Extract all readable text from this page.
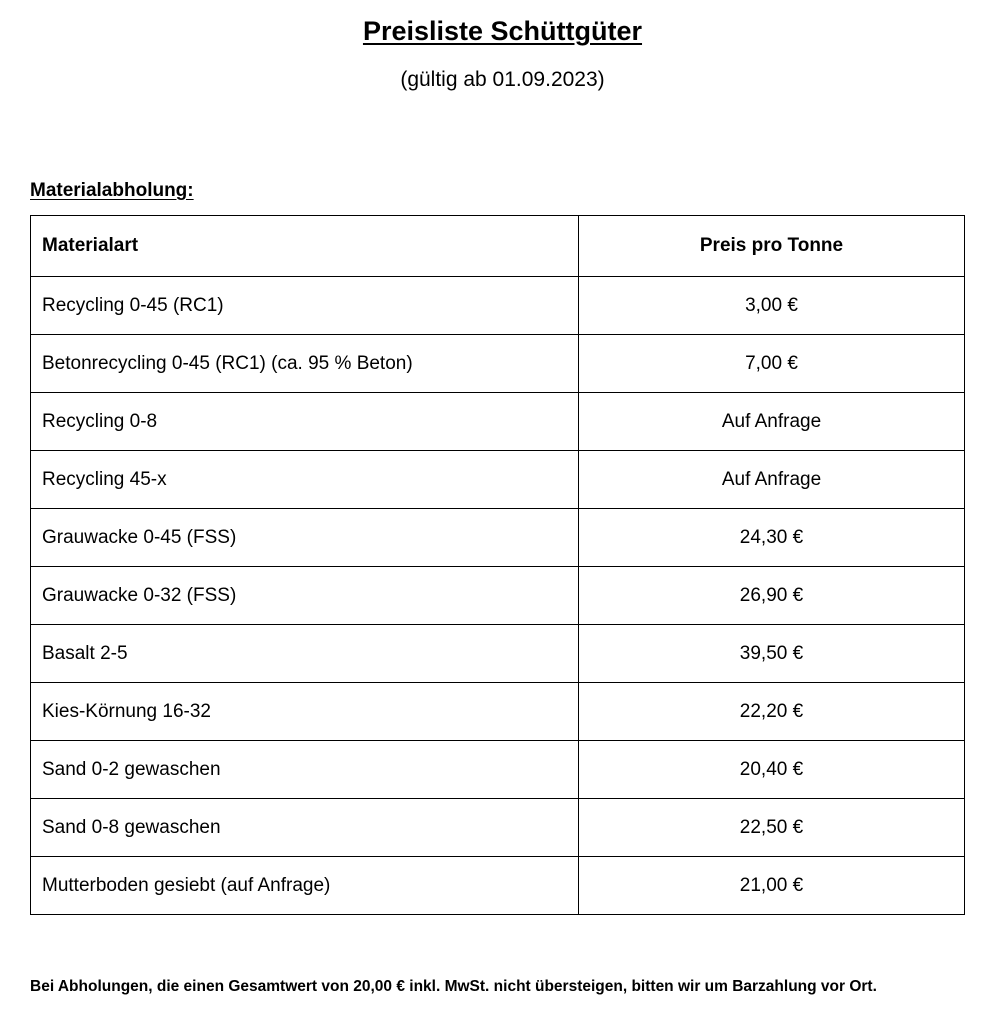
Preisliste Schüttgüter
(gültig ab 01.09.2023)
Materialabholung:
Materialart	Preis pro Tonne
Recycling 0-45 (RC1)	3,00 €
Betonrecycling 0-45 (RC1) (ca. 95 % Beton)	7,00 €
Recycling 0-8	Auf Anfrage
Recycling 45-x	Auf Anfrage
Grauwacke 0-45 (FSS)	24,30 €
Grauwacke 0-32 (FSS)	26,90 €
Basalt 2-5	39,50 €
Kies-Körnung 16-32	22,20 €
Sand 0-2 gewaschen	20,40 €
Sand 0-8 gewaschen	22,50 €
Mutterboden gesiebt (auf Anfrage)	21,00 €
Bei Abholungen, die einen Gesamtwert von 20,00 € inkl. MwSt. nicht übersteigen, bitten wir um Barzahlung vor Ort.
